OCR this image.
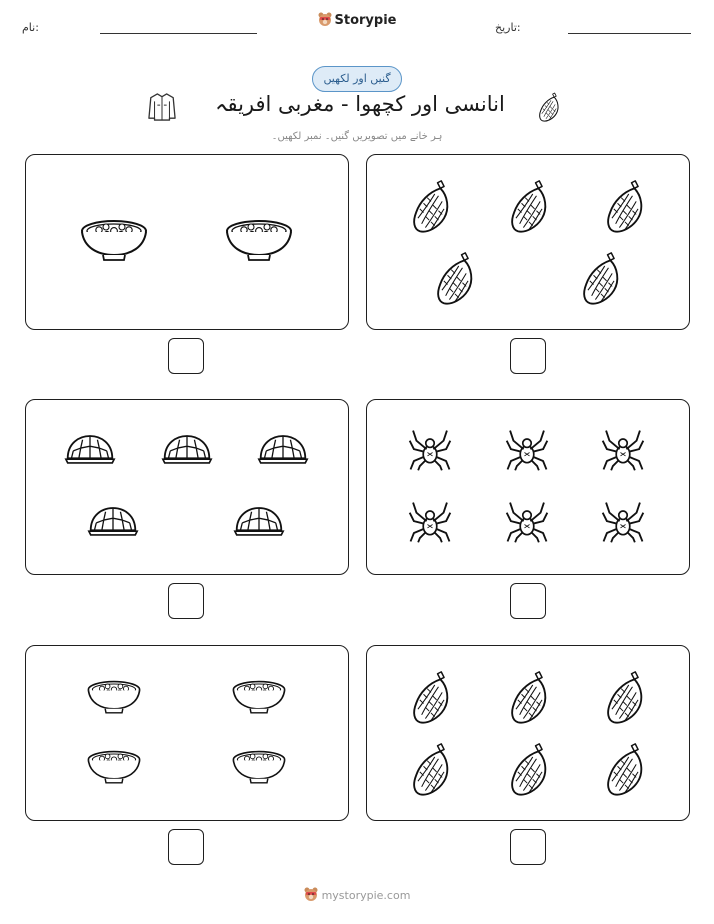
نام:	Storypie	تاریخ:
گنیں اور لکھیں
انانسی اور کچھوا - مغربی افریقہ
ہر خانے میں تصویریں گنیں۔ نمبر لکھیں۔
mystorypie.com
